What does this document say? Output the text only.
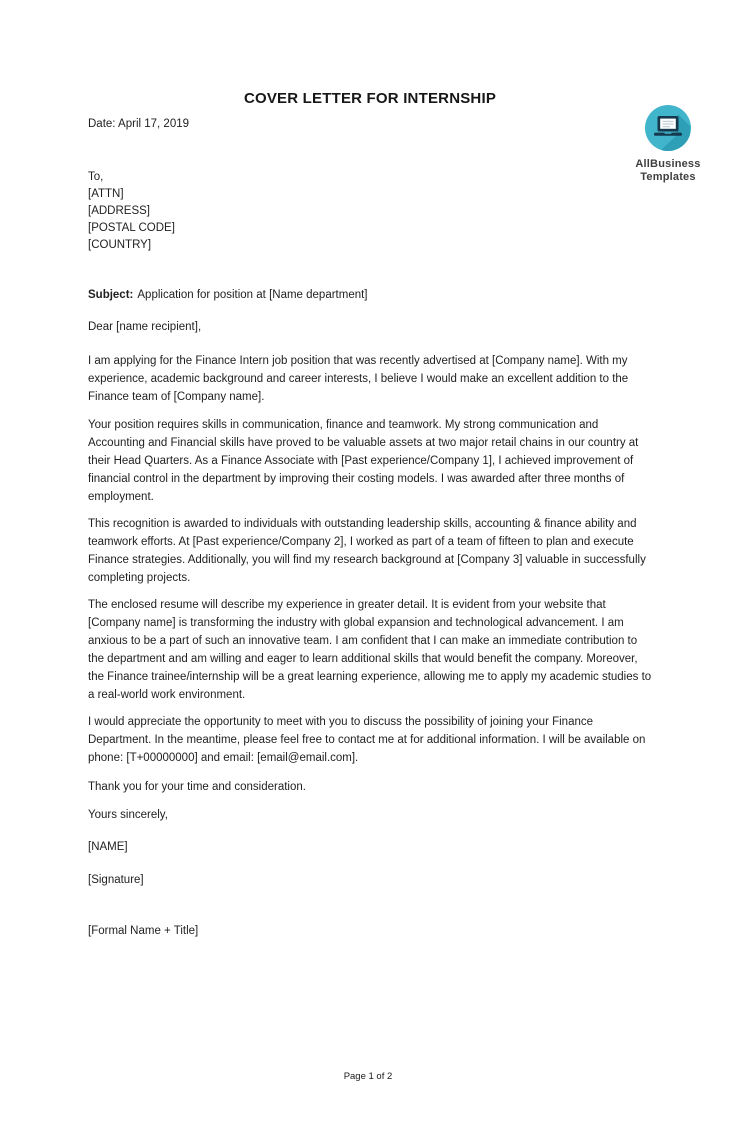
AllBusiness
Templates
COVER LETTER FOR INTERNSHIP
Date: April 17, 2019
To,
[ATTN]
[ADDRESS]
[POSTAL CODE]
[COUNTRY]
Subject: Application for position at [Name department]
Dear [name recipient],

I am applying for the Finance Intern job position that was recently advertised at [Company name]. With my experience, academic background and career interests, I believe I would make an excellent addition to the Finance team of [Company name].

Your position requires skills in communication, finance and teamwork. My strong communication and Accounting and Financial skills have proved to be valuable assets at two major retail chains in our country at their Head Quarters. As a Finance Associate with [Past experience/Company 1], I achieved improvement of financial control in the department by improving their costing models. I was awarded after three months of employment.

This recognition is awarded to individuals with outstanding leadership skills, accounting & finance ability and teamwork efforts. At [Past experience/Company 2], I worked as part of a team of fifteen to plan and execute Finance strategies. Additionally, you will find my research background at [Company 3] valuable in successfully completing projects.

The enclosed resume will describe my experience in greater detail. It is evident from your website that [Company name] is transforming the industry with global expansion and technological advancement. I am anxious to be a part of such an innovative team. I am confident that I can make an immediate contribution to the department and am willing and eager to learn additional skills that would benefit the company. Moreover, the Finance trainee/internship will be a great learning experience, allowing me to apply my academic studies to a real-world work environment.

I would appreciate the opportunity to meet with you to discuss the possibility of joining your Finance Department. In the meantime, please feel free to contact me at for additional information. I will be available on phone: [T+00000000] and email: [email@email.com].

Thank you for your time and consideration.
Yours sincerely,
[NAME]
[Signature]
[Formal Name + Title]
Page 1 of 2
